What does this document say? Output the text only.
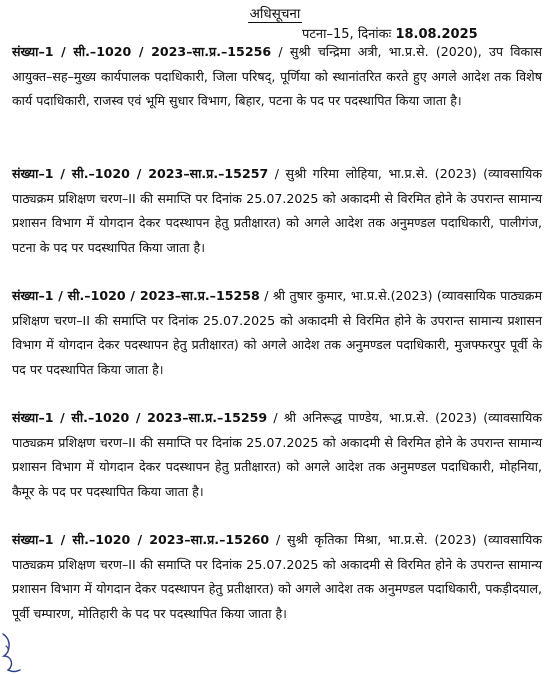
अधिसूचना
पटना–15, दिनांकः 18.08.2025
संख्या–1 / सी.–1020 / 2023–सा.प्र.–15256 / सुश्री चन्द्रिमा अत्री, भा.प्र.से. (2020), उप विकास आयुक्त–सह–मुख्य कार्यपालक पदाधिकारी, जिला परिषद्, पूर्णिया को स्थानांतरित करते हुए अगले आदेश तक विशेष कार्य पदाधिकारी, राजस्व एवं भूमि सुधार विभाग, बिहार, पटना के पद पर पदस्थापित किया जाता है।
संख्या–1 / सी.–1020 / 2023–सा.प्र.–15257 / सुश्री गरिमा लोहिया, भा.प्र.से. (2023) (व्यावसायिक पाठ्यक्रम प्रशिक्षण चरण–II की समाप्ति पर दिनांक 25.07.2025 को अकादमी से विरमित होने के उपरान्त सामान्य प्रशासन विभाग में योगदान देकर पदस्थापन हेतु प्रतीक्षारत) को अगले आदेश तक अनुमण्डल पदाधिकारी, पालीगंज, पटना के पद पर पदस्थापित किया जाता है।
संख्या–1 / सी.–1020 / 2023–सा.प्र.–15258 / श्री तुषार कुमार, भा.प्र.से.(2023) (व्यावसायिक पाठ्यक्रम प्रशिक्षण चरण–II की समाप्ति पर दिनांक 25.07.2025 को अकादमी से विरमित होने के उपरान्त सामान्य प्रशासन विभाग में योगदान देकर पदस्थापन हेतु प्रतीक्षारत) को अगले आदेश तक अनुमण्डल पदाधिकारी, मुजफ्फरपुर पूर्वी के पद पर पदस्थापित किया जाता है।
संख्या–1 / सी.–1020 / 2023–सा.प्र.–15259 / श्री अनिरूद्ध पाण्डेय, भा.प्र.से. (2023) (व्यावसायिक पाठ्यक्रम प्रशिक्षण चरण–II की समाप्ति पर दिनांक 25.07.2025 को अकादमी से विरमित होने के उपरान्त सामान्य प्रशासन विभाग में योगदान देकर पदस्थापन हेतु प्रतीक्षारत) को अगले आदेश तक अनुमण्डल पदाधिकारी, मोहनिया, कैमूर के पद पर पदस्थापित किया जाता है।
संख्या–1 / सी.–1020 / 2023–सा.प्र.–15260 / सुश्री कृतिका मिश्रा, भा.प्र.से. (2023) (व्यावसायिक पाठ्यक्रम प्रशिक्षण चरण–II की समाप्ति पर दिनांक 25.07.2025 को अकादमी से विरमित होने के उपरान्त सामान्य प्रशासन विभाग में योगदान देकर पदस्थापन हेतु प्रतीक्षारत) को अगले आदेश तक अनुमण्डल पदाधिकारी, पकड़ीदयाल, पूर्वी चम्पारण, मोतिहारी के पद पर पदस्थापित किया जाता है।
